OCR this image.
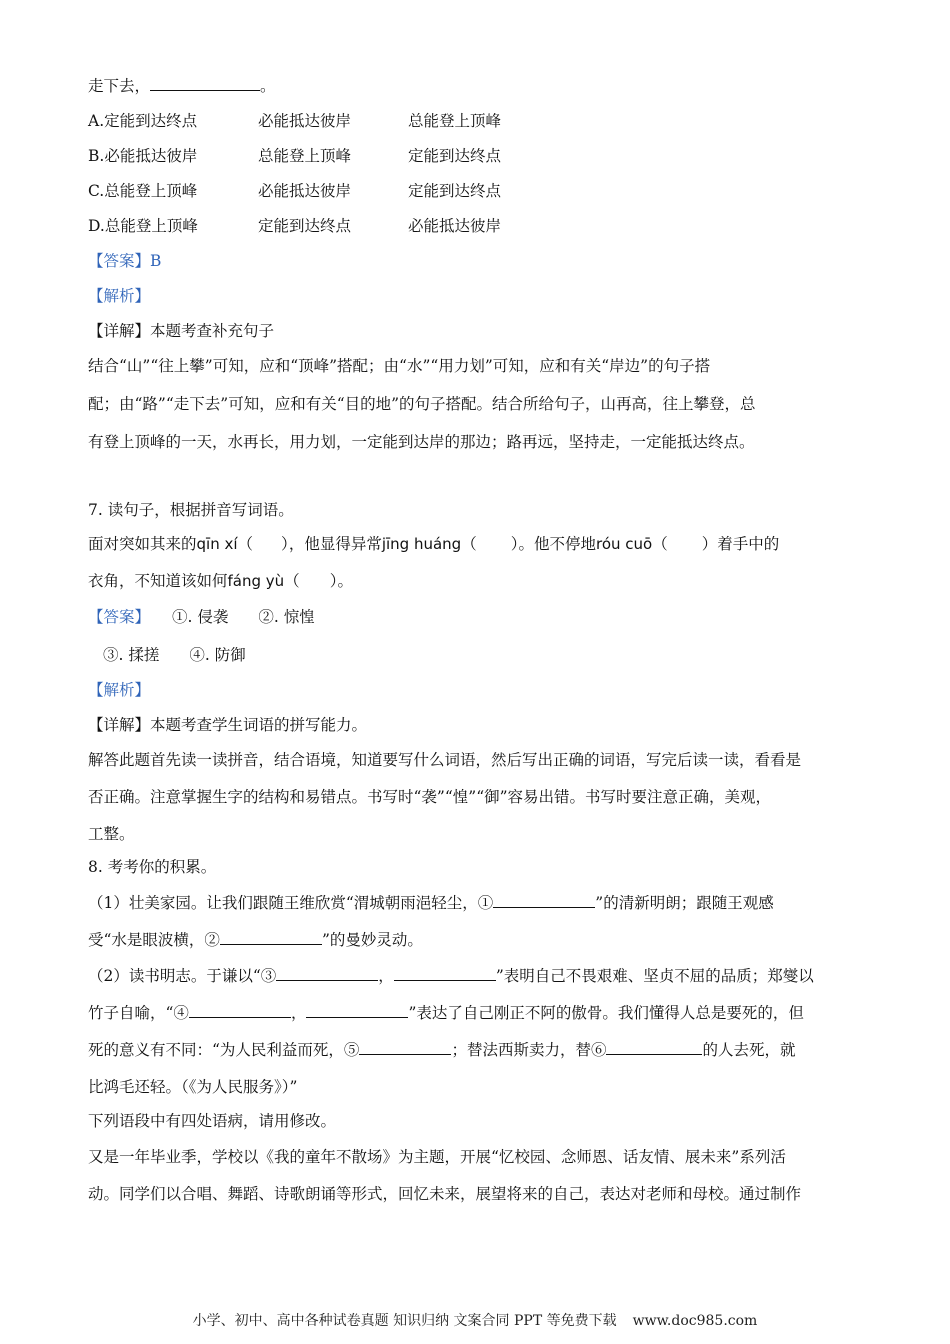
走下去，	。
A.定能到达终点	必能抵达彼岸	总能登上顶峰
B.必能抵达彼岸	总能登上顶峰	定能到达终点
C.总能登上顶峰	必能抵达彼岸	定能到达终点
D.总能登上顶峰	定能到达终点	必能抵达彼岸
【答案】B
【解析】
【详解】本题考查补充句子
结合“山”“往上攀”可知，应和“顶峰”搭配；由“水”“用力划”可知，应和有关“岸边”的句子搭
配；由“路”“走下去”可知，应和有关“目的地”的句子搭配。结合所给句子，山再高，往上攀登，总
有登上顶峰的一天，水再长，用力划，一定能到达岸的那边；路再远，坚持走，一定能抵达终点。
7. 读句子，根据拼音写词语。
面对突如其来的qīn xí（ ），他显得异常jīng huáng（ ）。他不停地róu cuō（ ）着手中的
衣角，不知道该如何fáng yù（ ）。
【答案】 ①. 侵袭 ②. 惊惶
③. 揉搓 ④. 防御
【解析】
【详解】本题考查学生词语的拼写能力。
解答此题首先读一读拼音，结合语境，知道要写什么词语，然后写出正确的词语，写完后读一读，看看是
否正确。注意掌握生字的结构和易错点。书写时“袭”“惶”“御”容易出错。书写时要注意正确，美观，
工整。
8. 考考你的积累。
（1）壮美家园。让我们跟随王维欣赏“渭城朝雨浥轻尘，①	”的清新明朗；跟随王观感
受“水是眼波横，②	”的曼妙灵动。
（2）读书明志。于谦以“③	，	”表明自己不畏艰难、坚贞不屈的品质；郑燮以
竹子自喻，“④	，	”表达了自己刚正不阿的傲骨。我们懂得人总是要死的，但
死的意义有不同：“为人民利益而死，⑤	；替法西斯卖力，替⑥	的人去死，就
比鸿毛还轻。（《为人民服务》）”
下列语段中有四处语病，请用修改。
又是一年毕业季，学校以《我的童年不散场》为主题，开展“忆校园、念师恩、话友情、展未来”系列活
动。同学们以合唱、舞蹈、诗歌朗诵等形式，回忆未来，展望将来的自己，表达对老师和母校。通过制作
小学、初中、高中各种试卷真题 知识归纳 文案合同 PPT 等免费下载 www.doc985.com
